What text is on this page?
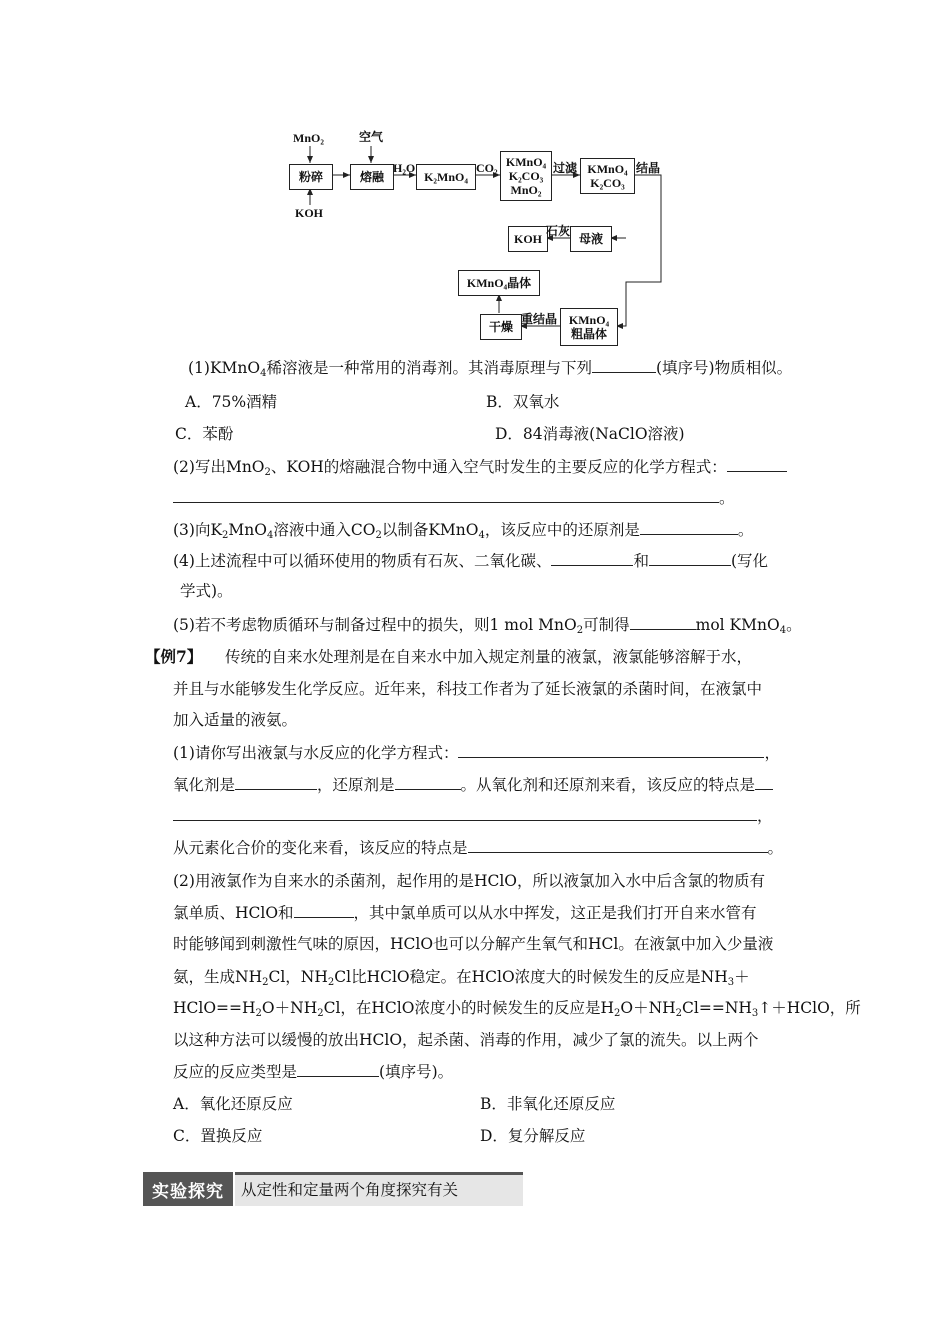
MnO₂	空气
KOH
粉碎	熔融
H₂O
K₂MnO₄
CO₂ KMnO₄
K₂CO₃
MnO₂
过滤 KMnO₄
K₂CO₃
结晶
KOH
石灰
母液
KMnO₄晶体
干燥
重结晶 KMnO₄
粗晶体
(1)KMnO$_4$稀溶液是一种常用的消毒剂。其消毒原理与下列	(填序号)物质相似。
A．75%酒精	B．双氧水
C．苯酚	D．84消毒液(NaClO溶液)
(2)写出MnO$_2$、KOH的熔融混合物中通入空气时发生的主要反应的化学方程式：
。
(3)向$K_2MnO_4$溶液中通入$CO_2$以制备KMnO$_4$，该反应中的还原剂是	。
(4)上述流程中可以循环使用的物质有石灰、二氧化碳、	和	(写化
学式)。
(5)若不考虑物质循环与制备过程中的损失，则1 mol MnO$_2$可制得	mol KMnO$_4$。
【例7】 传统的自来水处理剂是在自来水中加入规定剂量的液氯，液氯能够溶解于水，
并且与水能够发生化学反应。近年来，科技工作者为了延长液氯的杀菌时间，在液氯中
加入适量的液氨。
(1)请你写出液氯与水反应的化学方程式：	，
氧化剂是	，还原剂是	。从氧化剂和还原剂来看，该反应的特点是
，
从元素化合价的变化来看，该反应的特点是	。
(2)用液氯作为自来水的杀菌剂，起作用的是HClO，所以液氯加入水中后含氯的物质有
氯单质、HClO和	，其中氯单质可以从水中挥发，这正是我们打开自来水管有
时能够闻到刺激性气味的原因，HClO也可以分解产生氧气和HCl。在液氯中加入少量液
氨，生成$NH_2Cl$，$NH_2Cl$比HClO稳定。在HClO浓度大的时候发生的反应是$NH_3+$
$HClO==H_2O+NH_2Cl$，在HClO浓度小的时候发生的反应是$H_2O+NH_2Cl==NH_3↑+HClO$，所
以这种方法可以缓慢的放出HClO，起杀菌、消毒的作用，减少了氯的流失。以上两个
反应的反应类型是	(填序号)。
A．氧化还原反应	B．非氧化还原反应
C．置换反应	D．复分解反应
实验探究	从定性和定量两个角度探究有关
